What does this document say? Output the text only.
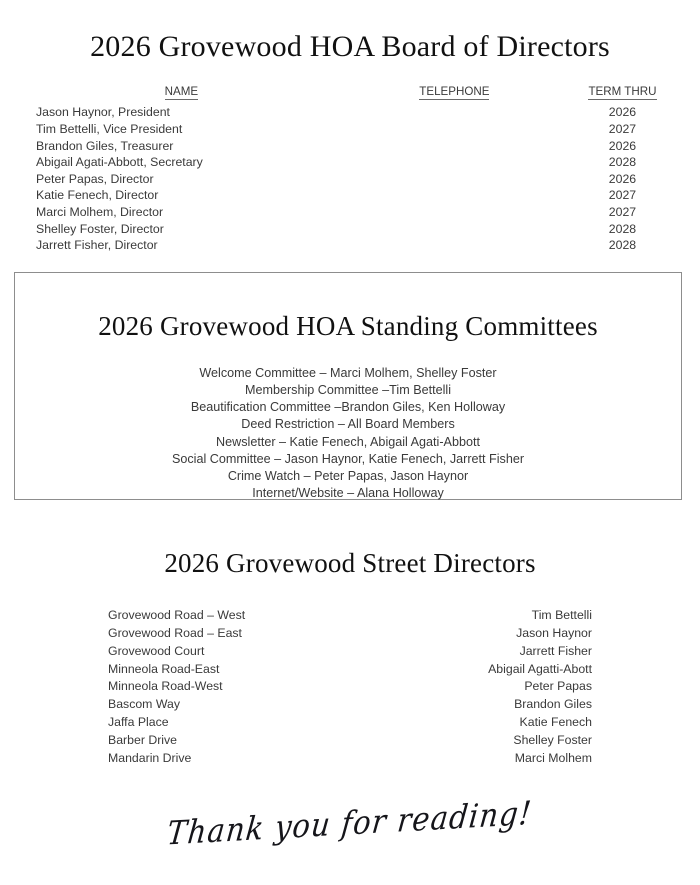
2026 Grovewood HOA Board of Directors
NAME	TELEPHONE	TERM THRU
Jason Haynor, President		2026
Tim Bettelli, Vice President		2027
Brandon Giles, Treasurer		2026
Abigail Agati-Abbott, Secretary		2028
Peter Papas, Director		2026
Katie Fenech, Director		2027
Marci Molhem, Director		2027
Shelley Foster, Director		2028
Jarrett Fisher, Director		2028
2026 Grovewood HOA Standing Committees
Welcome Committee – Marci Molhem, Shelley Foster
Membership Committee –Tim Bettelli
Beautification Committee –Brandon Giles, Ken Holloway
Deed Restriction – All Board Members
Newsletter – Katie Fenech, Abigail Agati-Abbott
Social Committee – Jason Haynor, Katie Fenech, Jarrett Fisher
Crime Watch – Peter Papas, Jason Haynor
Internet/Website – Alana Holloway
2026 Grovewood Street Directors
Grovewood Road – West	Tim Bettelli
Grovewood Road – East	Jason Haynor
Grovewood Court	Jarrett Fisher
Minneola Road-East	Abigail Agatti-Abott
Minneola Road-West	Peter Papas
Bascom Way	Brandon Giles
Jaffa Place	Katie Fenech
Barber Drive	Shelley Foster
Mandarin Drive	Marci Molhem
Thank you for reading!
